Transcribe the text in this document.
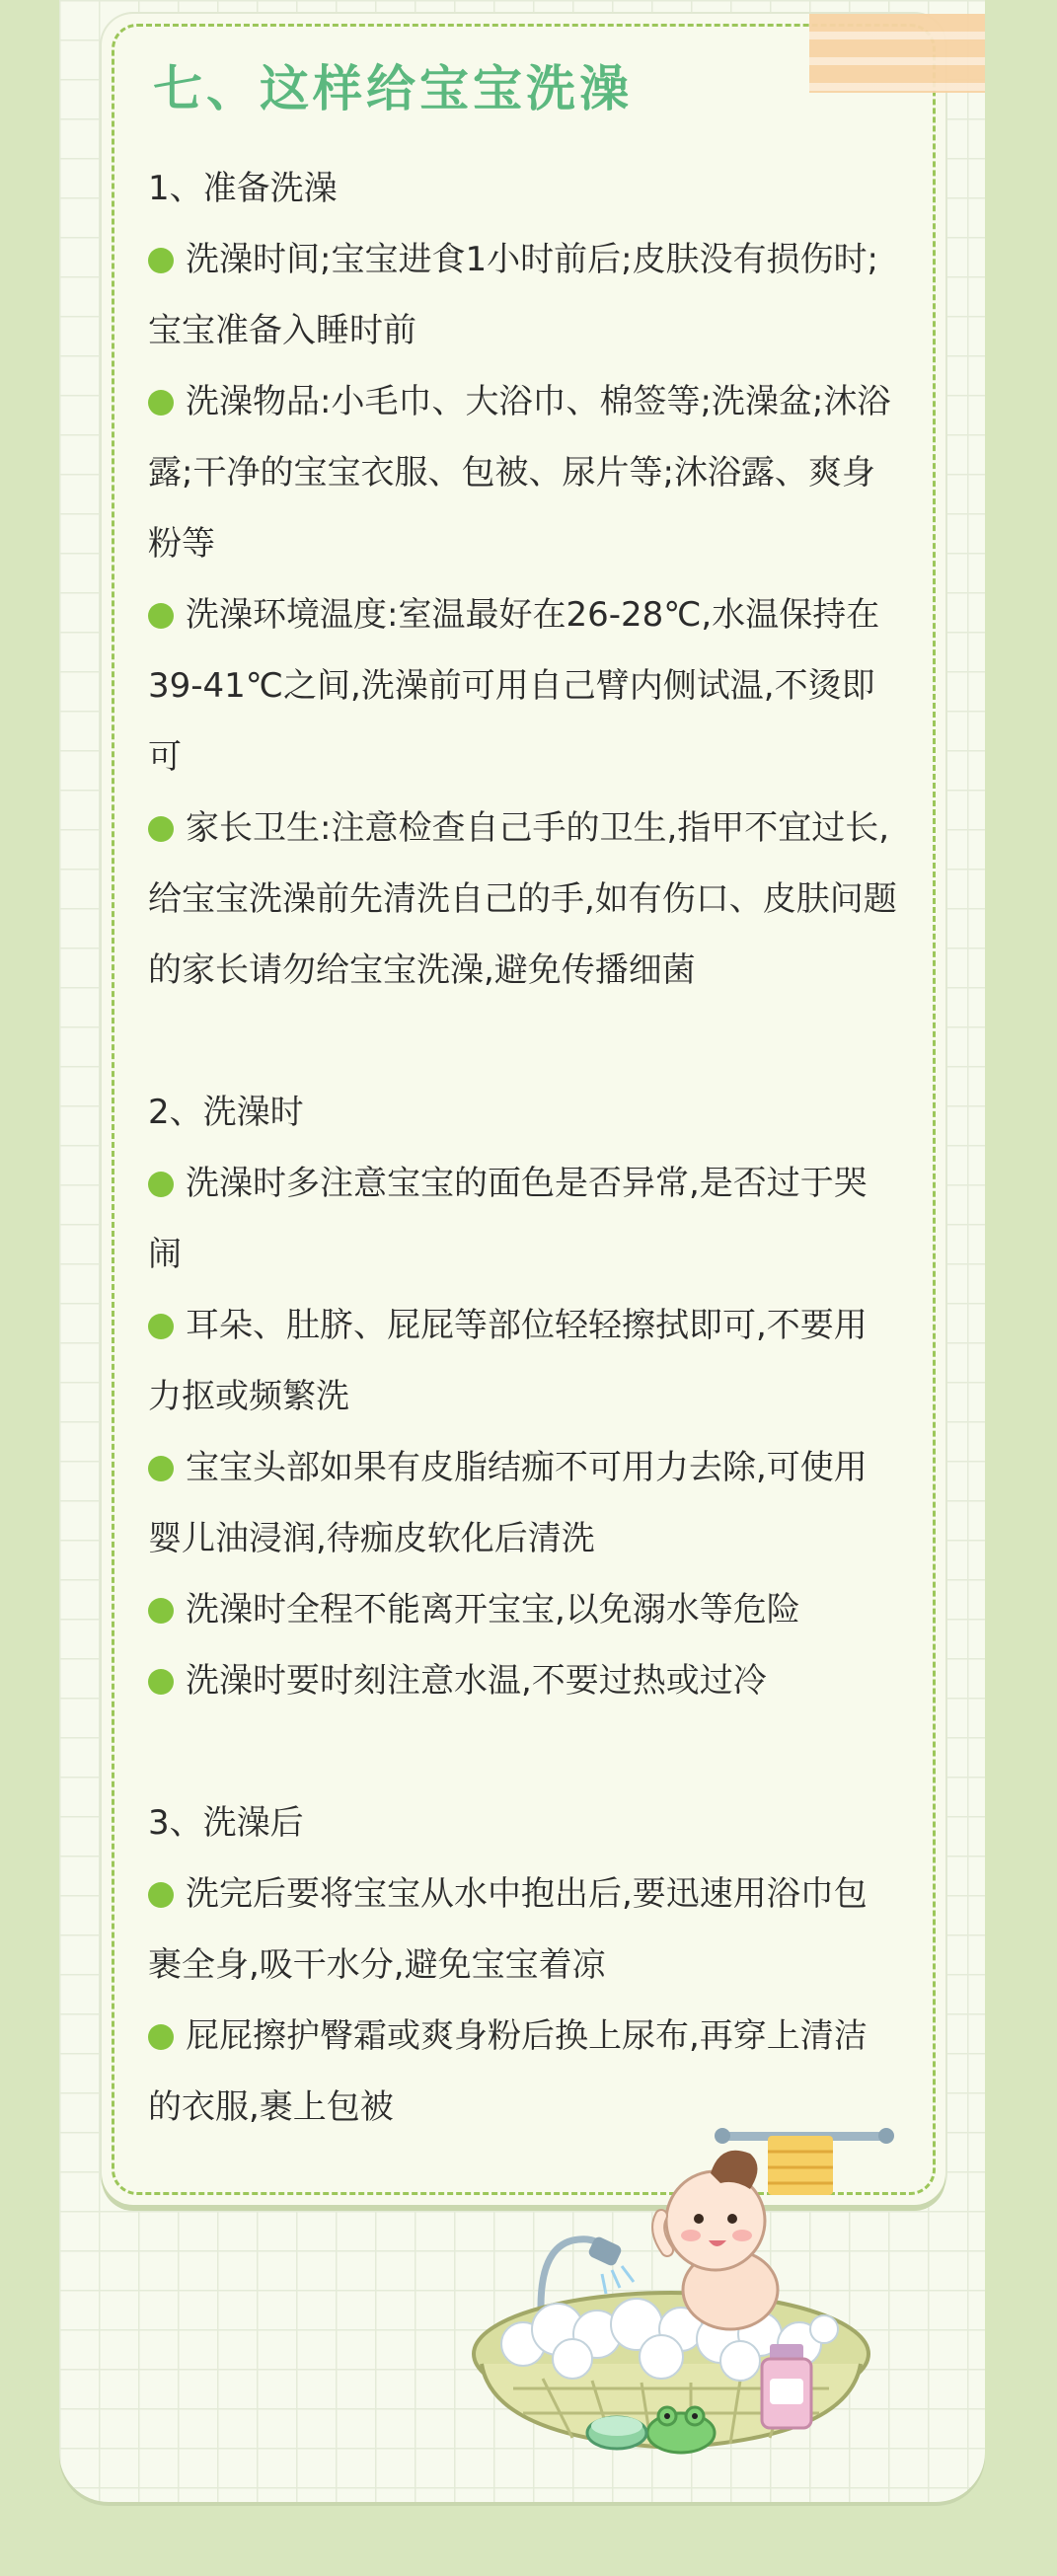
七、这样给宝宝洗澡

1、准备洗澡

洗澡时间;宝宝进食1小时前后;皮肤没有损伤时;宝宝准备入睡时前

洗澡物品:小毛巾、大浴巾、棉签等;洗澡盆;沐浴露;干净的宝宝衣服、包被、尿片等;沐浴露、爽身粉等

洗澡环境温度:室温最好在26-28℃,水温保持在39-41℃之间,洗澡前可用自己臂内侧试温,不烫即可

家长卫生:注意检查自己手的卫生,指甲不宜过长,给宝宝洗澡前先清洗自己的手,如有伤口、皮肤问题的家长请勿给宝宝洗澡,避免传播细菌

2、洗澡时

洗澡时多注意宝宝的面色是否异常,是否过于哭闹

耳朵、肚脐、屁屁等部位轻轻擦拭即可,不要用力抠或频繁洗

宝宝头部如果有皮脂结痂不可用力去除,可使用婴儿油浸润,待痂皮软化后清洗

洗澡时全程不能离开宝宝,以免溺水等危险

洗澡时要时刻注意水温,不要过热或过冷

3、洗澡后

洗完后要将宝宝从水中抱出后,要迅速用浴巾包裹全身,吸干水分,避免宝宝着凉

屁屁擦护臀霜或爽身粉后换上尿布,再穿上清洁的衣服,裹上包被
